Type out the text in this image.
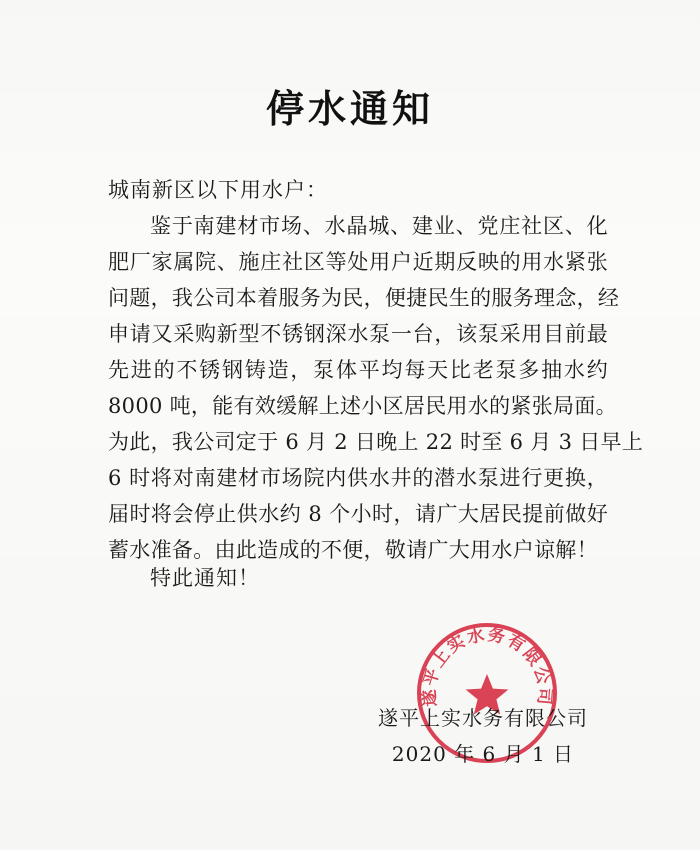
停水通知
城南新区以下用水户：
鉴于南建材市场、水晶城、建业、党庄社区、化
肥厂家属院、施庄社区等处用户近期反映的用水紧张
问题，我公司本着服务为民，便捷民生的服务理念，经
申请又采购新型不锈钢深水泵一台，该泵采用目前最
先进的不锈钢铸造，泵体平均每天比老泵多抽水约
8000 吨，能有效缓解上述小区居民用水的紧张局面。
为此，我公司定于 6 月 2 日晚上 22 时至 6 月 3 日早上
6 时将对南建材市场院内供水井的潜水泵进行更换，
届时将会停止供水约 8 个小时，请广大居民提前做好
蓄水准备。由此造成的不便，敬请广大用水户谅解！
特此通知！
遂平上实水务有限公司
遂平上实水务有限公司
2020 年 6 月 1 日
